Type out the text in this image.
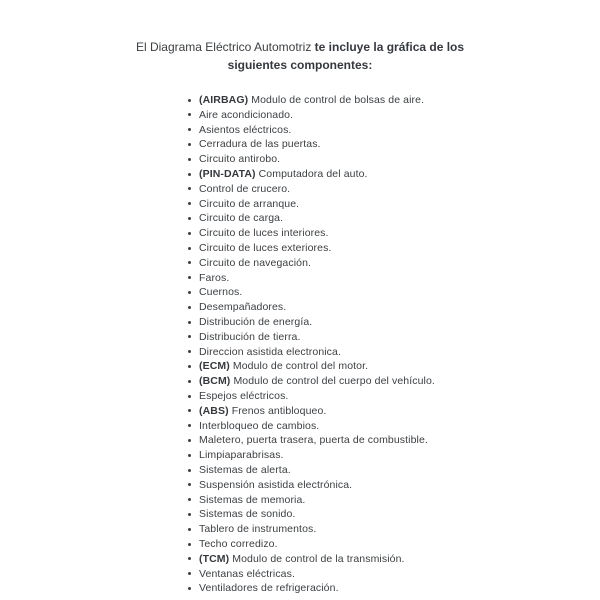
El Diagrama Eléctrico Automotriz te incluye la gráfica de los siguientes componentes:
(AIRBAG) Modulo de control de bolsas de aire.
Aire acondicionado.
Asientos eléctricos.
Cerradura de las puertas.
Circuito antirobo.
(PIN-DATA) Computadora del auto.
Control de crucero.
Circuito de arranque.
Circuito de carga.
Circuito de luces interiores.
Circuito de luces exteriores.
Circuito de navegación.
Faros.
Cuernos.
Desempañadores.
Distribución de energía.
Distribución de tierra.
Direccion asistida electronica.
(ECM) Modulo de control del motor.
(BCM) Modulo de control del cuerpo del vehículo.
Espejos eléctricos.
(ABS) Frenos antibloqueo.
Interbloqueo de cambios.
Maletero, puerta trasera, puerta de combustible.
Limpiaparabrisas.
Sistemas de alerta.
Suspensión asistida electrónica.
Sistemas de memoria.
Sistemas de sonido.
Tablero de instrumentos.
Techo corredizo.
(TCM) Modulo de control de la transmisión.
Ventanas eléctricas.
Ventiladores de refrigeración.
